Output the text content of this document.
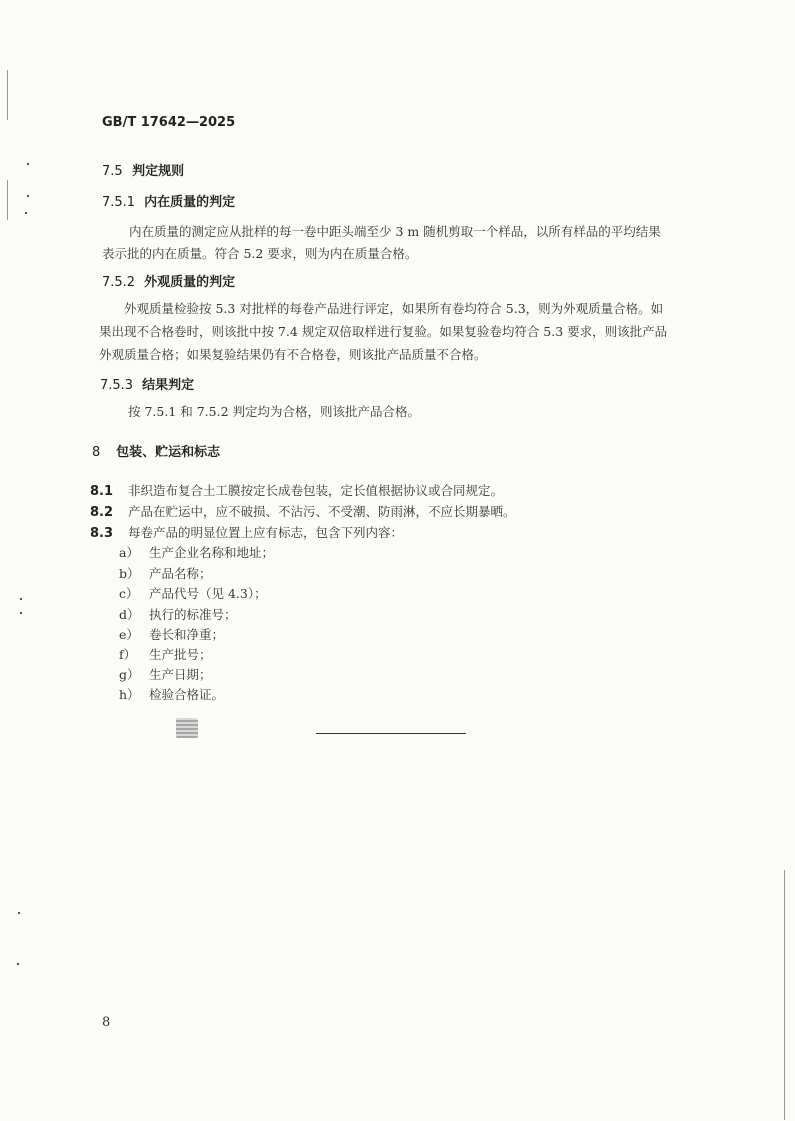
GB/T 17642—2025
7.5 判定规则
7.5.1 内在质量的判定
内在质量的测定应从批样的每一卷中距头端至少 3 m 随机剪取一个样品，以所有样品的平均结果
表示批的内在质量。符合 5.2 要求，则为内在质量合格。
7.5.2 外观质量的判定
外观质量检验按 5.3 对批样的每卷产品进行评定，如果所有卷均符合 5.3，则为外观质量合格。如
果出现不合格卷时，则该批中按 7.4 规定双倍取样进行复验。如果复验卷均符合 5.3 要求，则该批产品
外观质量合格；如果复验结果仍有不合格卷，则该批产品质量不合格。
7.5.3 结果判定
按 7.5.1 和 7.5.2 判定均为合格，则该批产品合格。
8 包装、贮运和标志
8.1 非织造布复合土工膜按定长成卷包装，定长值根据协议或合同规定。
8.2 产品在贮运中，应不破损、不沾污、不受潮、防雨淋，不应长期暴晒。
8.3 每卷产品的明显位置上应有标志，包含下列内容：
a） 生产企业名称和地址；
b） 产品名称；
c） 产品代号（见 4.3）；
d） 执行的标准号；
e） 卷长和净重；
f） 生产批号；
g） 生产日期；
h） 检验合格证。
8
